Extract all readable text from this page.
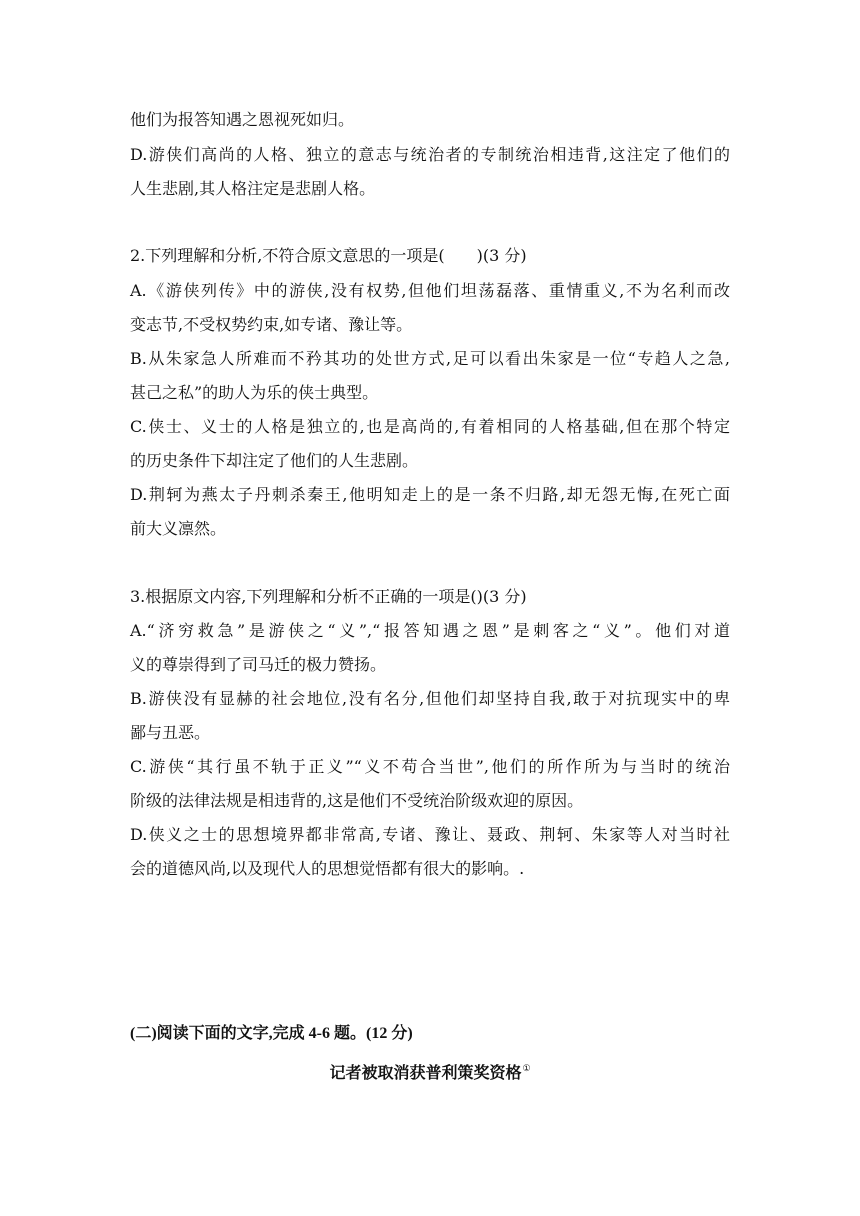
他们为报答知遇之恩视死如归。
D.游侠们高尚的人格、独立的意志与统治者的专制统治相违背,这注定了他们的
人生悲剧,其人格注定是悲剧人格。
2.下列理解和分析,不符合原文意思的一项是(　　)(3 分)
A.《游侠列传》中的游侠,没有权势,但他们坦荡磊落、重情重义,不为名利而改
变志节,不受权势约束,如专诸、豫让等。
B.从朱家急人所难而不矜其功的处世方式,足可以看出朱家是一位“专趋人之急,
甚己之私”的助人为乐的侠士典型。
C.侠士、义士的人格是独立的,也是高尚的,有着相同的人格基础,但在那个特定
的历史条件下却注定了他们的人生悲剧。
D.荆轲为燕太子丹刺杀秦王,他明知走上的是一条不归路,却无怨无悔,在死亡面
前大义凛然。
3.根据原文内容,下列理解和分析不正确的一项是()(3 分)
A.“济穷救急”是游侠之“义”,“报答知遇之恩”是刺客之“义”。他们对道
义的尊崇得到了司马迁的极力赞扬。
B.游侠没有显赫的社会地位,没有名分,但他们却坚持自我,敢于对抗现实中的卑
鄙与丑恶。
C.游侠“其行虽不轨于正义”“义不苟合当世”,他们的所作所为与当时的统治
阶级的法律法规是相违背的,这是他们不受统治阶级欢迎的原因。
D.侠义之士的思想境界都非常高,专诸、豫让、聂政、荆轲、朱家等人对当时社
会的道德风尚,以及现代人的思想觉悟都有很大的影响。.
(二)阅读下面的文字,完成 4-6 题。(12 分)
记者被取消获普利策奖资格①
